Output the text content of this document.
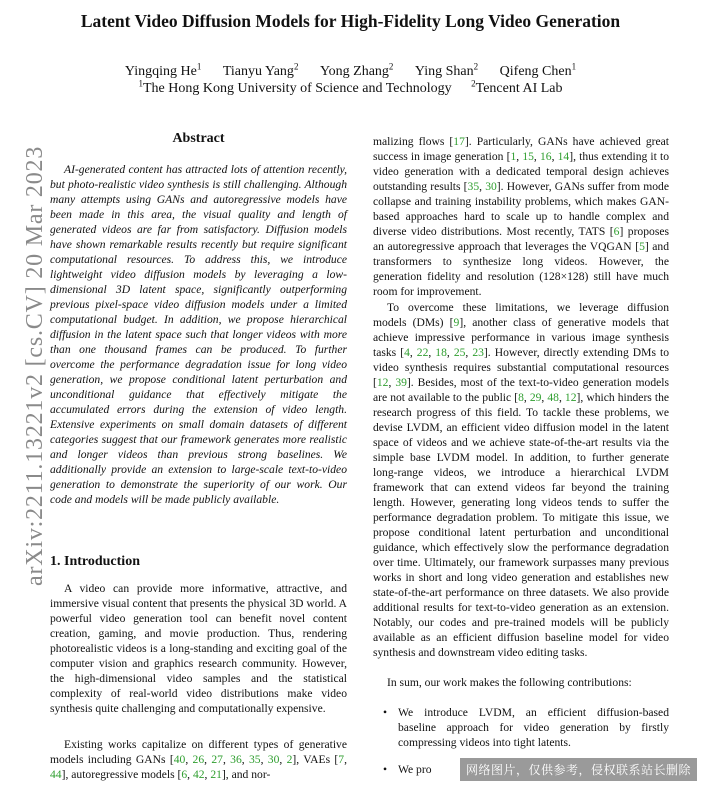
Latent Video Diffusion Models for High-Fidelity Long Video Generation
Yingqing He$^1$ Tianyu Yang$^2$ Yong Zhang$^2$ Ying Shan$^2$ Qifeng Chen$^1$
$^1$The Hong Kong University of Science and Technology $^2$Tencent AI Lab
arXiv:2211.13221v2 [cs.CV] 20 Mar 2023
Abstract
AI-generated content has attracted lots of attention recently, but photo-realistic video synthesis is still challenging. Although many attempts using GANs and autoregressive models have been made in this area, the visual quality and length of generated videos are far from satisfactory. Diffusion models have shown remarkable results recently but require significant computational resources. To address this, we introduce lightweight video diffusion models by leveraging a low-dimensional 3D latent space, significantly outperforming previous pixel-space video diffusion models under a limited computational budget. In addition, we propose hierarchical diffusion in the latent space such that longer videos with more than one thousand frames can be produced. To further overcome the performance degradation issue for long video generation, we propose conditional latent perturbation and unconditional guidance that effectively mitigate the accumulated errors during the extension of video length. Extensive experiments on small domain datasets of different categories suggest that our framework generates more realistic and longer videos than previous strong baselines. We additionally provide an extension to large-scale text-to-video generation to demonstrate the superiority of our work. Our code and models will be made publicly available.
1. Introduction
A video can provide more informative, attractive, and immersive visual content that presents the physical 3D world. A powerful video generation tool can benefit novel content creation, gaming, and movie production. Thus, rendering photorealistic videos is a long-standing and exciting goal of the computer vision and graphics research community. However, the high-dimensional video samples and the statistical complexity of real-world video distributions make video synthesis quite challenging and computationally expensive.
Existing works capitalize on different types of generative models including GANs [40, 26, 27, 36, 35, 30, 2], VAEs [7, 44], autoregressive models [6, 42, 21], and nor-
malizing flows [17]. Particularly, GANs have achieved great success in image generation [1, 15, 16, 14], thus extending it to video generation with a dedicated temporal design achieves outstanding results [35, 30]. However, GANs suffer from mode collapse and training instability problems, which makes GAN-based approaches hard to scale up to handle complex and diverse video distributions. Most recently, TATS [6] proposes an autoregressive approach that leverages the VQGAN [5] and transformers to synthesize long videos. However, the generation fidelity and resolution (128×128) still have much room for improvement.
To overcome these limitations, we leverage diffusion models (DMs) [9], another class of generative models that achieve impressive performance in various image synthesis tasks [4, 22, 18, 25, 23]. However, directly extending DMs to video synthesis requires substantial computational resources [12, 39]. Besides, most of the text-to-video generation models are not available to the public [8, 29, 48, 12], which hinders the research progress of this field. To tackle these problems, we devise LVDM, an efficient video diffusion model in the latent space of videos and we achieve state-of-the-art results via the simple base LVDM model. In addition, to further generate long-range videos, we introduce a hierarchical LVDM framework that can extend videos far beyond the training length. However, generating long videos tends to suffer the performance degradation problem. To mitigate this issue, we propose conditional latent perturbation and unconditional guidance, which effectively slow the performance degradation over time. Ultimately, our framework surpasses many previous works in short and long video generation and establishes new state-of-the-art performance on three datasets. We also provide additional results for text-to-video generation as an extension. Notably, our codes and pre-trained models will be publicly available as an efficient diffusion baseline model for video synthesis and downstream video editing tasks.
In sum, our work makes the following contributions:
• We introduce LVDM, an efficient diffusion-based baseline approach for video generation by firstly compressing videos into tight latents.
• We pro	网络图片，仅供参考，侵权联系站长删除
